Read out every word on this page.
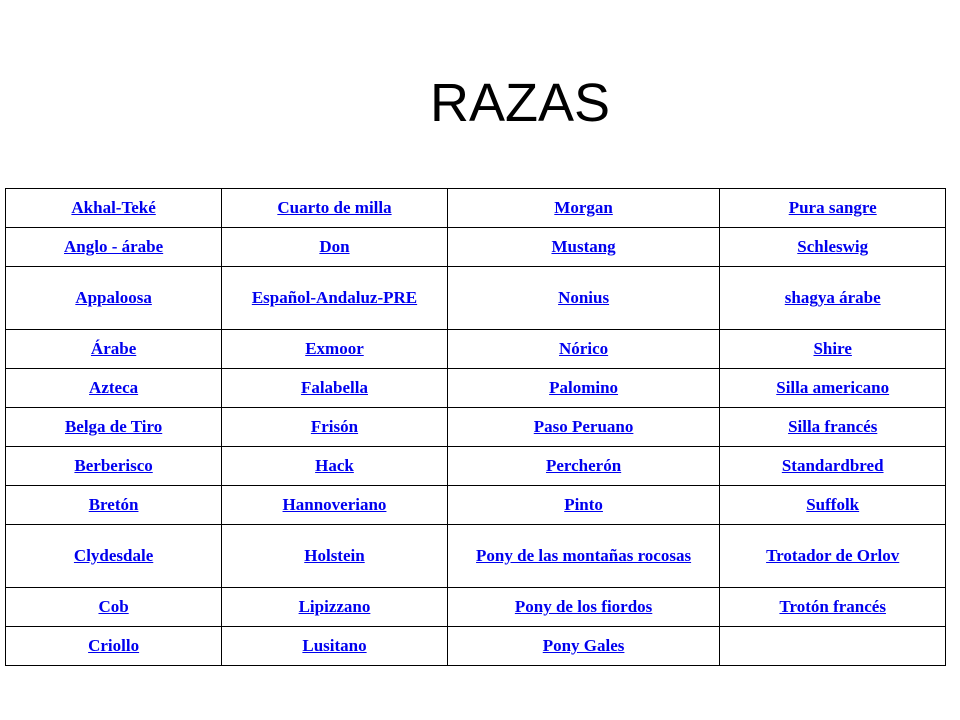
RAZAS
Akhal-Teké	Cuarto de milla	Morgan	Pura sangre
Anglo - árabe	Don	Mustang	Schleswig
Appaloosa	Español-Andaluz-PRE	Nonius	shagya árabe
Árabe	Exmoor	Nórico	Shire
Azteca	Falabella	Palomino	Silla americano
Belga de Tiro	Frisón	Paso Peruano	Silla francés
Berberisco	Hack	Percherón	Standardbred
Bretón	Hannoveriano	Pinto	Suffolk
Clydesdale	Holstein	Pony de las montañas rocosas	Trotador de Orlov
Cob	Lipizzano	Pony de los fiordos	Trotón francés
Criollo	Lusitano	Pony Gales	
